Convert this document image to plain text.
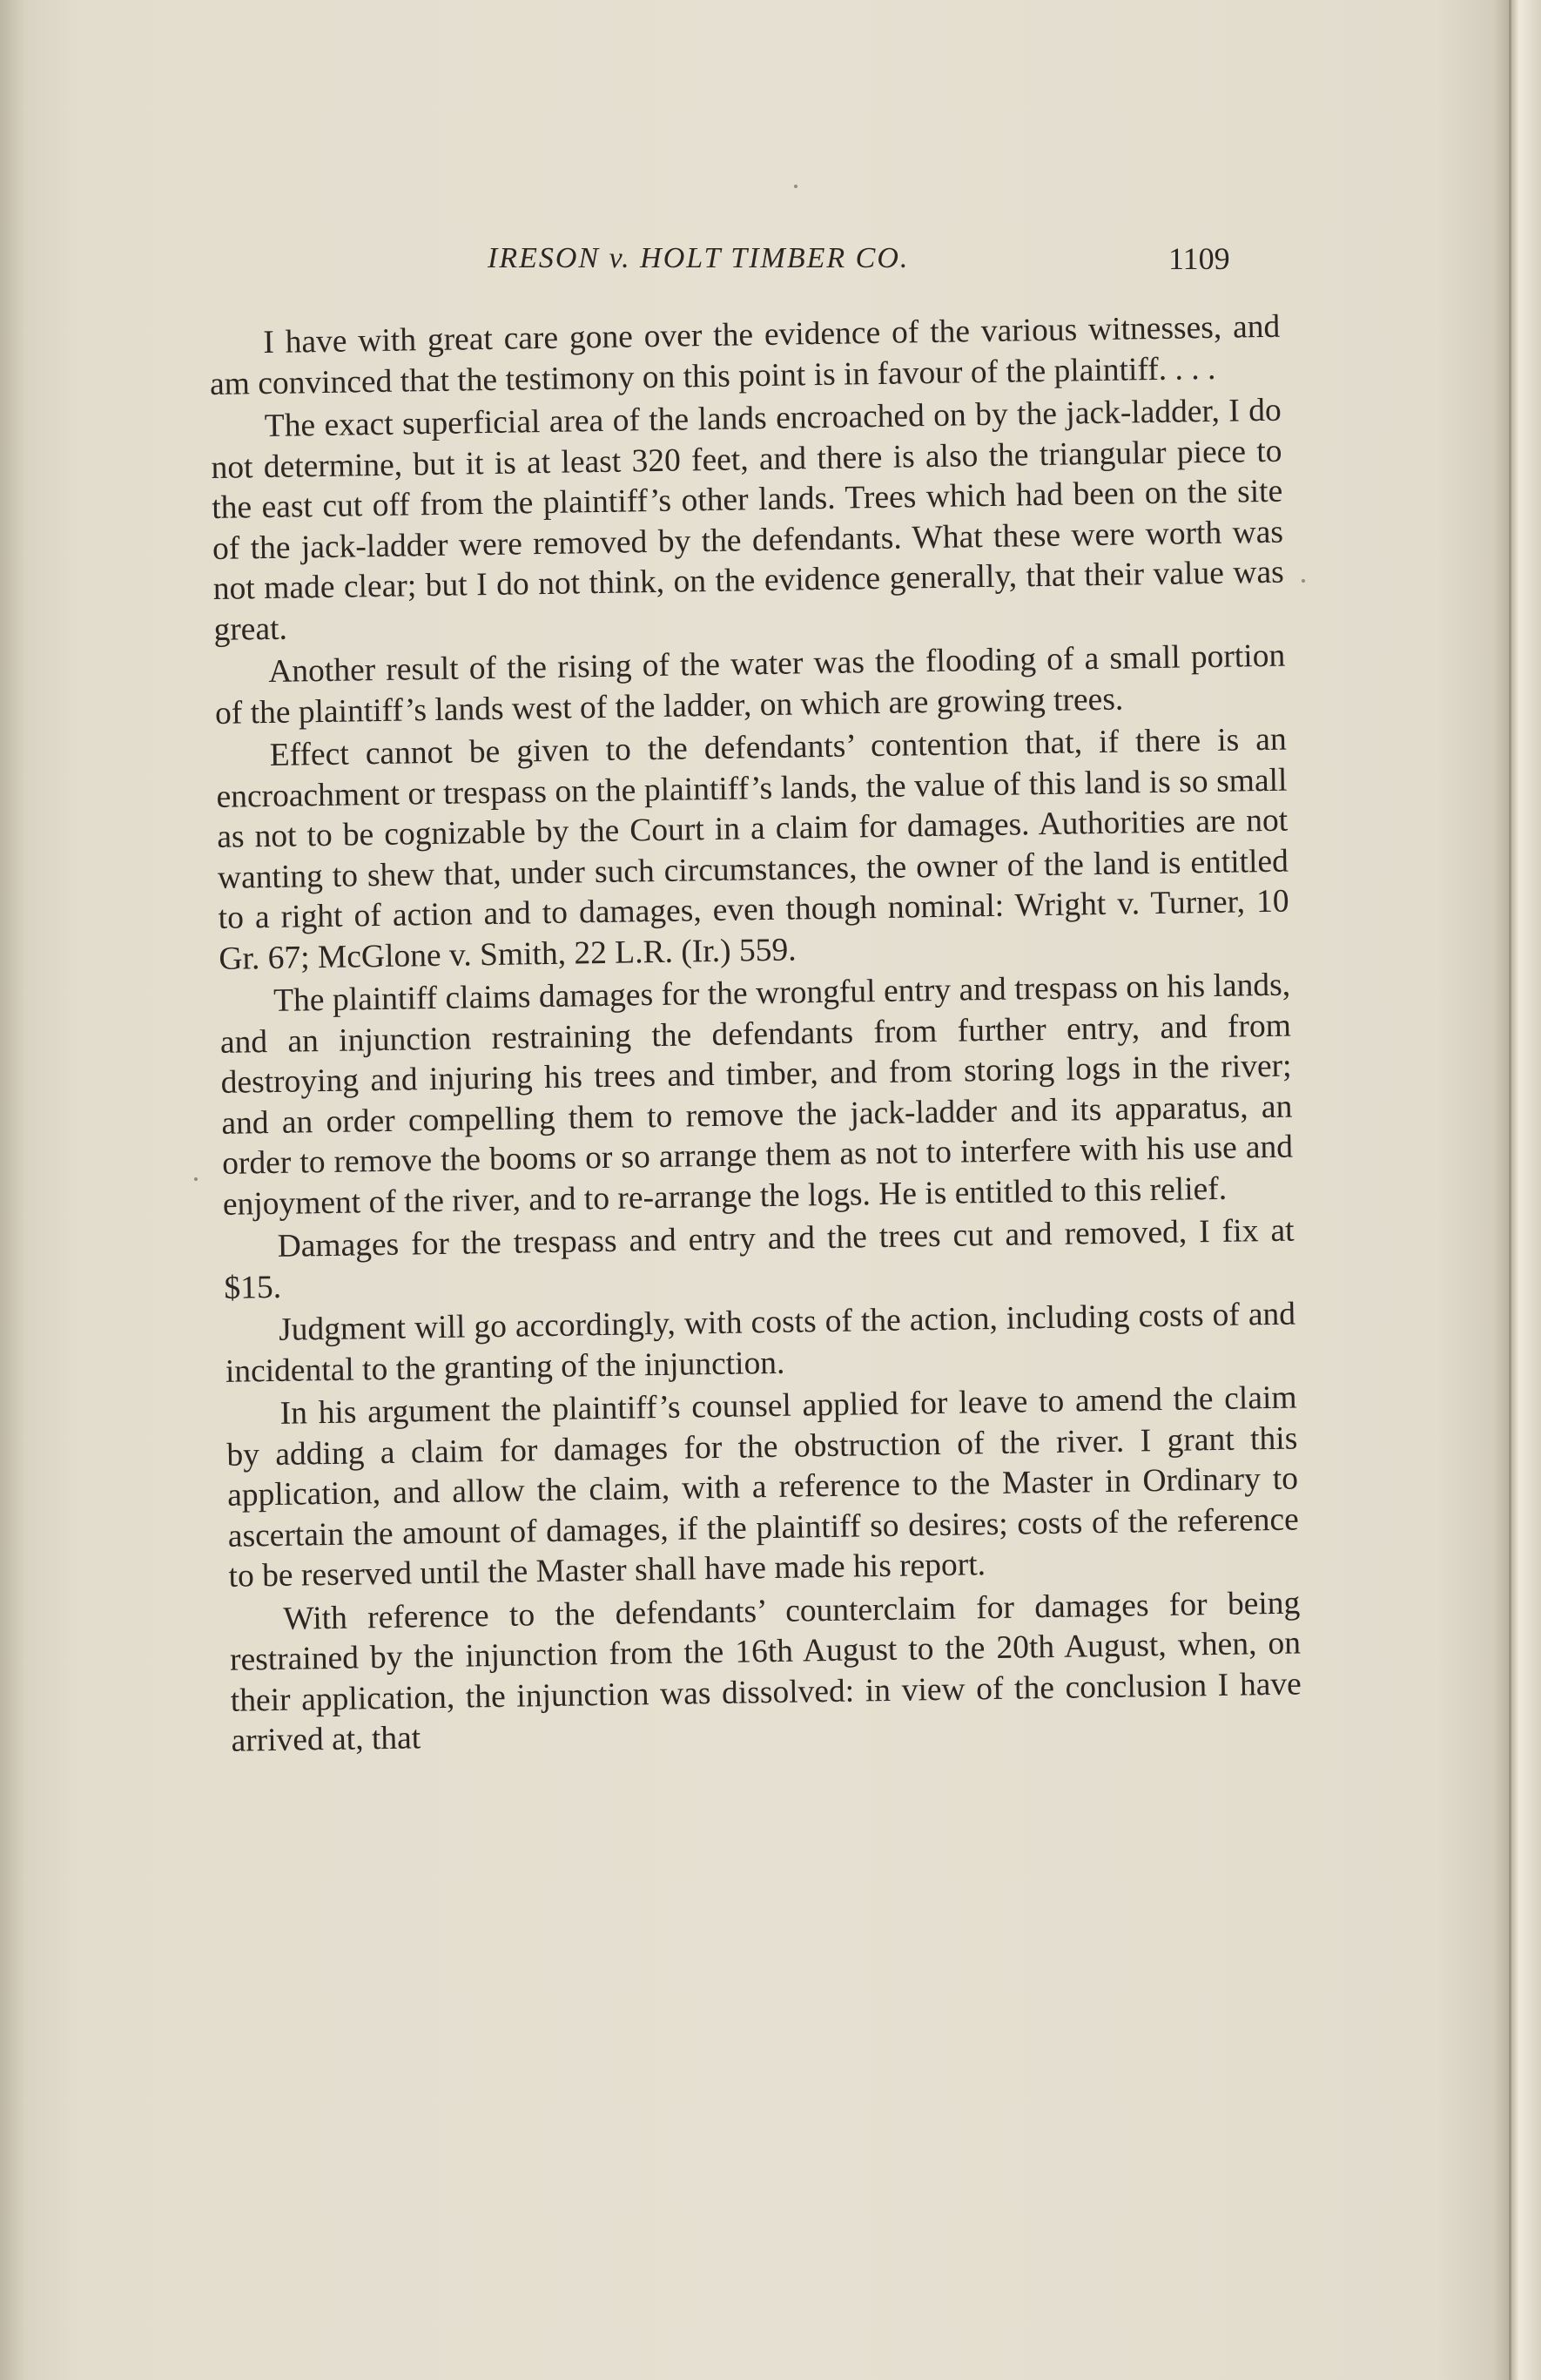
IRESON v. HOLT TIMBER CO.	1109

I have with great care gone over the evidence of the various witnesses, and am convinced that the testimony on this point is in favour of the plaintiff. . . .

The exact superficial area of the lands encroached on by the jack-ladder, I do not determine, but it is at least 320 feet, and there is also the triangular piece to the east cut off from the plaintiff’s other lands. Trees which had been on the site of the jack-ladder were removed by the defendants. What these were worth was not made clear; but I do not think, on the evidence generally, that their value was great.

Another result of the rising of the water was the flooding of a small portion of the plaintiff’s lands west of the ladder, on which are growing trees.

Effect cannot be given to the defendants’ contention that, if there is an encroachment or trespass on the plaintiff’s lands, the value of this land is so small as not to be cognizable by the Court in a claim for damages. Authorities are not wanting to shew that, under such circumstances, the owner of the land is entitled to a right of action and to damages, even though nominal: Wright v. Turner, 10 Gr. 67; McGlone v. Smith, 22 L.R. (Ir.) 559.

The plaintiff claims damages for the wrongful entry and trespass on his lands, and an injunction restraining the defendants from further entry, and from destroying and injuring his trees and timber, and from storing logs in the river; and an order compelling them to remove the jack-ladder and its apparatus, an order to remove the booms or so arrange them as not to interfere with his use and enjoyment of the river, and to re-arrange the logs. He is entitled to this relief.

Damages for the trespass and entry and the trees cut and removed, I fix at $15.

Judgment will go accordingly, with costs of the action, including costs of and incidental to the granting of the injunction.

In his argument the plaintiff’s counsel applied for leave to amend the claim by adding a claim for damages for the obstruction of the river. I grant this application, and allow the claim, with a reference to the Master in Ordinary to ascertain the amount of damages, if the plaintiff so desires; costs of the reference to be reserved until the Master shall have made his report.

With reference to the defendants’ counterclaim for damages for being restrained by the injunction from the 16th August to the 20th August, when, on their application, the injunction was dissolved: in view of the conclusion I have arrived at, that
